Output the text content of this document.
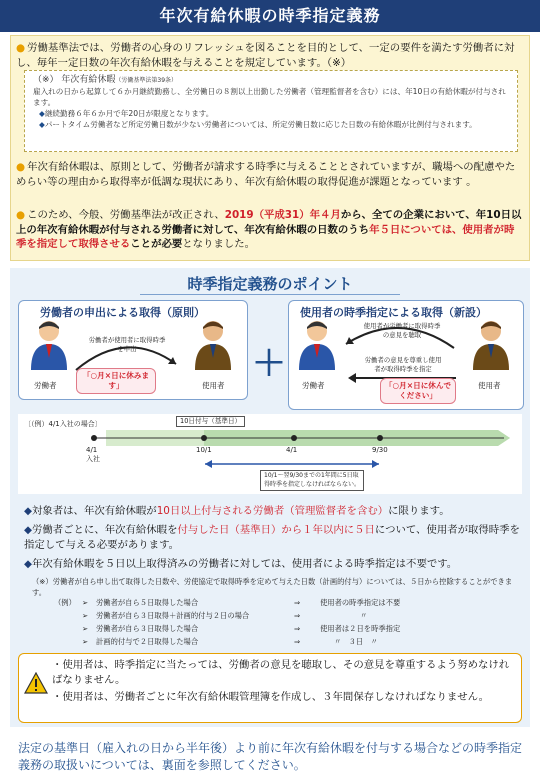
年次有給休暇の時季指定義務
● 労働基準法では、労働者の心身のリフレッシュを図ることを目的として、一定の要件を満たす労働者に対し、毎年一定日数の年次有給休暇を与えることを規定しています。（※）
（※） 年次有給休暇（労働基準法第39条）
雇入れの日から起算して６か月継続勤務し、全労働日の８割以上出勤した労働者（管理監督者を含む）には、年10日の有給休暇が付与されます。
◆継続勤務６年６か月で年20日が限度となります。
◆パートタイム労働者など所定労働日数が少ない労働者については、所定労働日数に応じた日数の有給休暇が比例付与されます。
● 年次有給休暇は、原則として、労働者が請求する時季に与えることとされていますが、職場への配慮やためらい等の理由から取得率が低調な現状にあり、年次有給休暇の取得促進が課題となっています 。
● このため、今般、労働基準法が改正され、2019（平成31）年４月から、全ての企業において、年10日以上の年次有給休暇が付与される労働者に対して、年次有給休暇の日数のうち年５日については、使用者が時季を指定して取得させることが必要となりました。
時季指定義務のポイント
労働者の申出による取得（原則）
労働者
労働者が使用者に取得時季を申出
「○月×日に休みます」	使用者
＋
使用者の時季指定による取得（新設）
労働者
使用者が労働者に取得時季の意見を聴取
労働者の意見を尊重し使用者が取得時季を指定
「○月×日に休んでください」
使用者
〔（例）4/1入社の場合〕	10日付与（基準日）
4/1
入社
10/1	4/1	9/30
10/1～翌9/30までの1年間に5日取得時季を指定しなければならない。
◆対象者は、年次有給休暇が10日以上付与される労働者（管理監督者を含む）に限ります。
◆労働者ごとに、年次有給休暇を付与した日（基準日）から１年以内に５日について、使用者が取得時季を指定して与える必要があります。
◆年次有給休暇を５日以上取得済みの労働者に対しては、使用者による時季指定は不要です。
（※）労働者が自ら申し出て取得した日数や、労使協定で取得時季を定めて与えた日数（計画的付与）については、５日から控除することができます。
（例） ➢ 労働者が自ら５日取得した場合	⇒	使用者の時季指定は不要
➢ 労働者が自ら３日取得＋計画的付与２日の場合	⇒	〃
➢ 労働者が自ら３日取得した場合	⇒	使用者は２日を時季指定
➢ 計画的付与で２日取得した場合	⇒	〃　３日　〃
・使用者は、時季指定に当たっては、労働者の意見を聴取し、その意見を尊重するよう努めなければなりません。
・使用者は、労働者ごとに年次有給休暇管理簿を作成し、３年間保存しなければなりません。
法定の基準日（雇入れの日から半年後）より前に年次有給休暇を付与する場合などの時季指定義務の取扱いについては、裏面を参照してください。
